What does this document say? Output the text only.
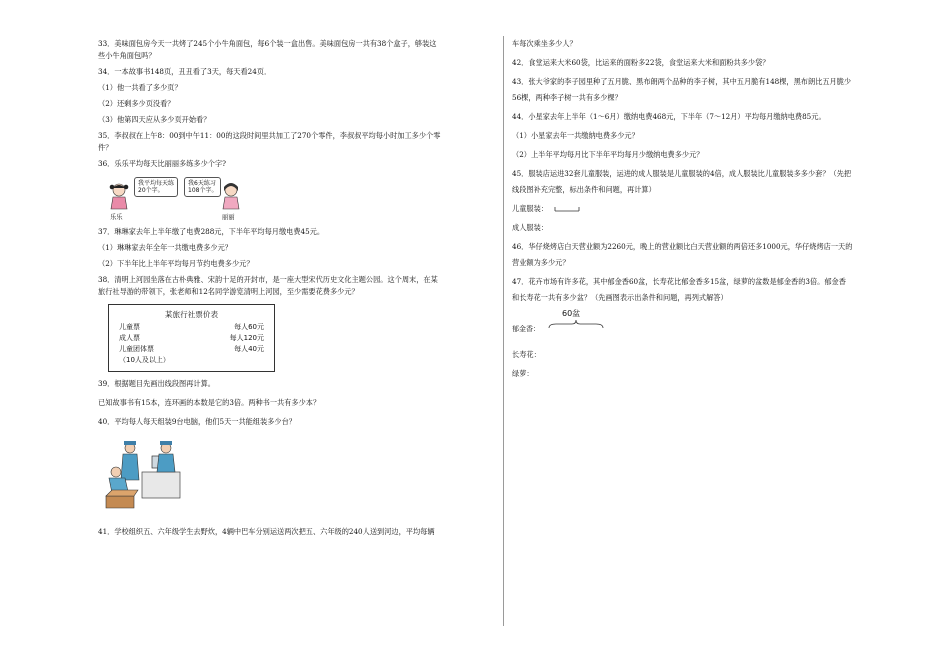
33．美味面包房今天一共烤了245个小牛角面包，每6个装一盒出售。美味面包房一共有38个盒子，够装这

些小牛角面包吗？

34．一本故事书148页，丑丑看了3天，每天看24页．

（1）他一共看了多少页？

（2）还剩多少页没看？

（3）他第四天应从多少页开始看？

35．李叔叔在上午8：00到中午11：00的这段时间里共加工了270个零件，李叔叔平均每小时加工多少个零

件？

36．乐乐平均每天比丽丽多练多少个字?

我平均每天练
20个字。
我6天练习
108个字。
乐乐	丽丽

37．琳琳家去年上半年缴了电费288元，下半年平均每月缴电费45元。

（1）琳琳家去年全年一共缴电费多少元？

（2）下半年比上半年平均每月节约电费多少元？

38．清明上河园坐落在古朴典雅、宋韵十足的开封市，是一座大型宋代历史文化主题公园。这个周末，在某

旅行社导游的带领下，张老师和12名同学游览清明上河园，至少需要花费多少元？

某旅行社票价表
儿童票	每人60元
成人票	每人120元
儿童团体票	每人40元
（10人及以上）

39．根据题目先画出线段图再计算。

已知故事书有15本，连环画的本数是它的3倍。两种书一共有多少本？

40．平均每人每天组装9台电脑，他们5天一共能组装多少台？

41．学校组织五、六年级学生去野炊，4辆中巴车分别运送两次把五、六年级的240人送到河边，平均每辆

车每次乘坐多少人？

42．食堂运来大米60袋，比运来的面粉多22袋，食堂运来大米和面粉共多少袋？

43．张大爷家的李子园里种了五月脆、黑布朗两个品种的李子树，其中五月脆有148棵，黑布朗比五月脆少

56棵，两种李子树一共有多少棵？

44．小星家去年上半年（1～6月）缴纳电费468元，下半年（7～12月）平均每月缴纳电费85元。

（1）小星家去年一共缴纳电费多少元？

（2）上半年平均每月比下半年平均每月少缴纳电费多少元？

45．服装店运进32套儿童服装，运进的成人服装是儿童服装的4倍，成人服装比儿童服装多多少套？（先把

线段图补充完整，标出条件和问题，再计算）

儿童服装：

成人服装：

46．华仔烧烤店白天营业额为2260元，晚上的营业额比白天营业额的两倍还多1000元，华仔烧烤店一天的

营业额为多少元？

47．花卉市场有许多花，其中郁金香60盆，长寿花比郁金香多15盆，绿萝的盆数是郁金香的3倍。郁金香

和长寿花一共有多少盆？（先画图表示出条件和问题，再列式解答）

郁金香：
60盆

长寿花：

绿萝：
